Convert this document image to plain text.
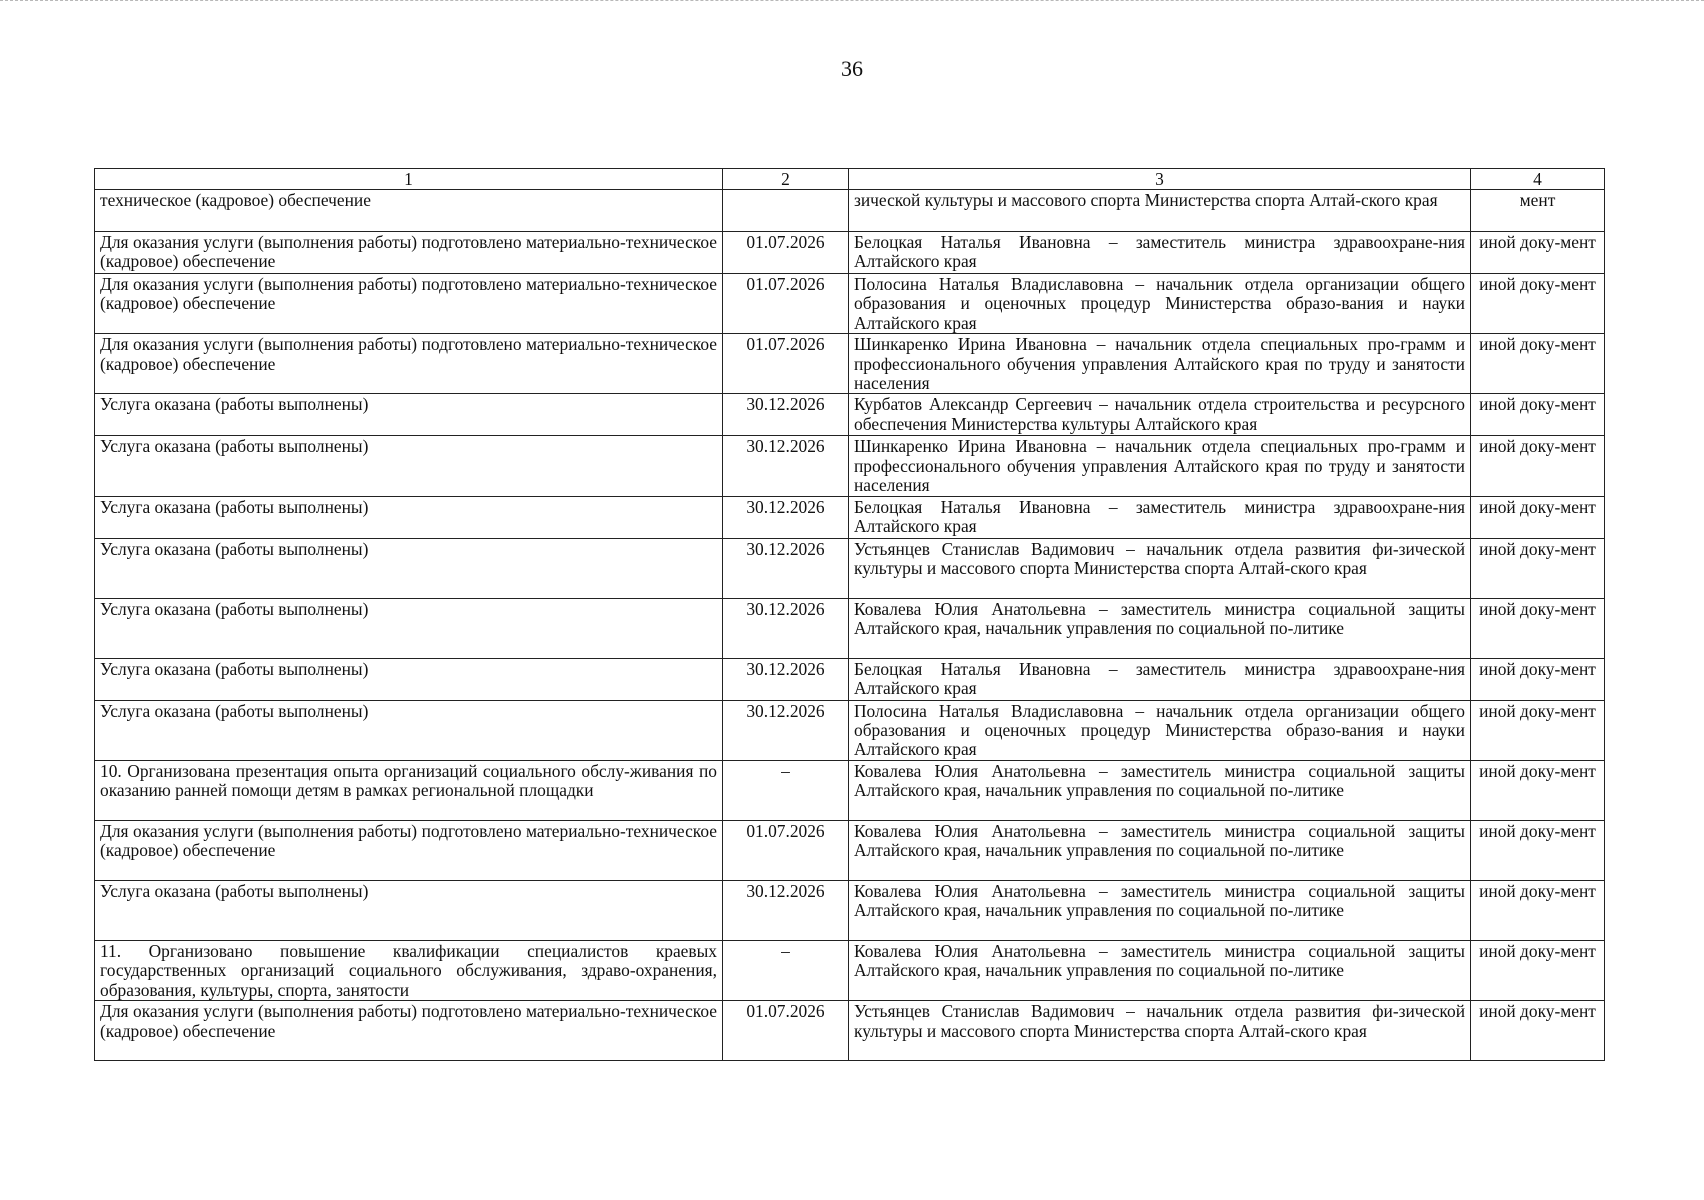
36
1	2	3	4
техническое (кадровое) обеспечение		зической культуры и массового спорта Министерства спорта Алтай-ского края	мент
Для оказания услуги (выполнения работы) подготовлено материально-техническое (кадровое) обеспечение	01.07.2026	Белоцкая Наталья Ивановна – заместитель министра здравоохране-ния Алтайского края	иной доку-мент
Для оказания услуги (выполнения работы) подготовлено материально-техническое (кадровое) обеспечение	01.07.2026	Полосина Наталья Владиславовна – начальник отдела организации общего образования и оценочных процедур Министерства образо-вания и науки Алтайского края	иной доку-мент
Для оказания услуги (выполнения работы) подготовлено материально-техническое (кадровое) обеспечение	01.07.2026	Шинкаренко Ирина Ивановна – начальник отдела специальных про-грамм и профессионального обучения управления Алтайского края по труду и занятости населения	иной доку-мент
Услуга оказана (работы выполнены)	30.12.2026	Курбатов Александр Сергеевич – начальник отдела строительства и ресурсного обеспечения Министерства культуры Алтайского края	иной доку-мент
Услуга оказана (работы выполнены)	30.12.2026	Шинкаренко Ирина Ивановна – начальник отдела специальных про-грамм и профессионального обучения управления Алтайского края по труду и занятости населения	иной доку-мент
Услуга оказана (работы выполнены)	30.12.2026	Белоцкая Наталья Ивановна – заместитель министра здравоохране-ния Алтайского края	иной доку-мент
Услуга оказана (работы выполнены)	30.12.2026	Устьянцев Станислав Вадимович – начальник отдела развития фи-зической культуры и массового спорта Министерства спорта Алтай-ского края	иной доку-мент
Услуга оказана (работы выполнены)	30.12.2026	Ковалева Юлия Анатольевна – заместитель министра социальной защиты Алтайского края, начальник управления по социальной по-литике	иной доку-мент
Услуга оказана (работы выполнены)	30.12.2026	Белоцкая Наталья Ивановна – заместитель министра здравоохране-ния Алтайского края	иной доку-мент
Услуга оказана (работы выполнены)	30.12.2026	Полосина Наталья Владиславовна – начальник отдела организации общего образования и оценочных процедур Министерства образо-вания и науки Алтайского края	иной доку-мент
10. Организована презентация опыта организаций социального обслу-живания по оказанию ранней помощи детям в рамках региональной площадки	–	Ковалева Юлия Анатольевна – заместитель министра социальной защиты Алтайского края, начальник управления по социальной по-литике	иной доку-мент
Для оказания услуги (выполнения работы) подготовлено материально-техническое (кадровое) обеспечение	01.07.2026	Ковалева Юлия Анатольевна – заместитель министра социальной защиты Алтайского края, начальник управления по социальной по-литике	иной доку-мент
Услуга оказана (работы выполнены)	30.12.2026	Ковалева Юлия Анатольевна – заместитель министра социальной защиты Алтайского края, начальник управления по социальной по-литике	иной доку-мент
11. Организовано повышение квалификации специалистов краевых государственных организаций социального обслуживания, здраво-охранения, образования, культуры, спорта, занятости	–	Ковалева Юлия Анатольевна – заместитель министра социальной защиты Алтайского края, начальник управления по социальной по-литике	иной доку-мент
Для оказания услуги (выполнения работы) подготовлено материально-техническое (кадровое) обеспечение	01.07.2026	Устьянцев Станислав Вадимович – начальник отдела развития фи-зической культуры и массового спорта Министерства спорта Алтай-ского края	иной доку-мент
